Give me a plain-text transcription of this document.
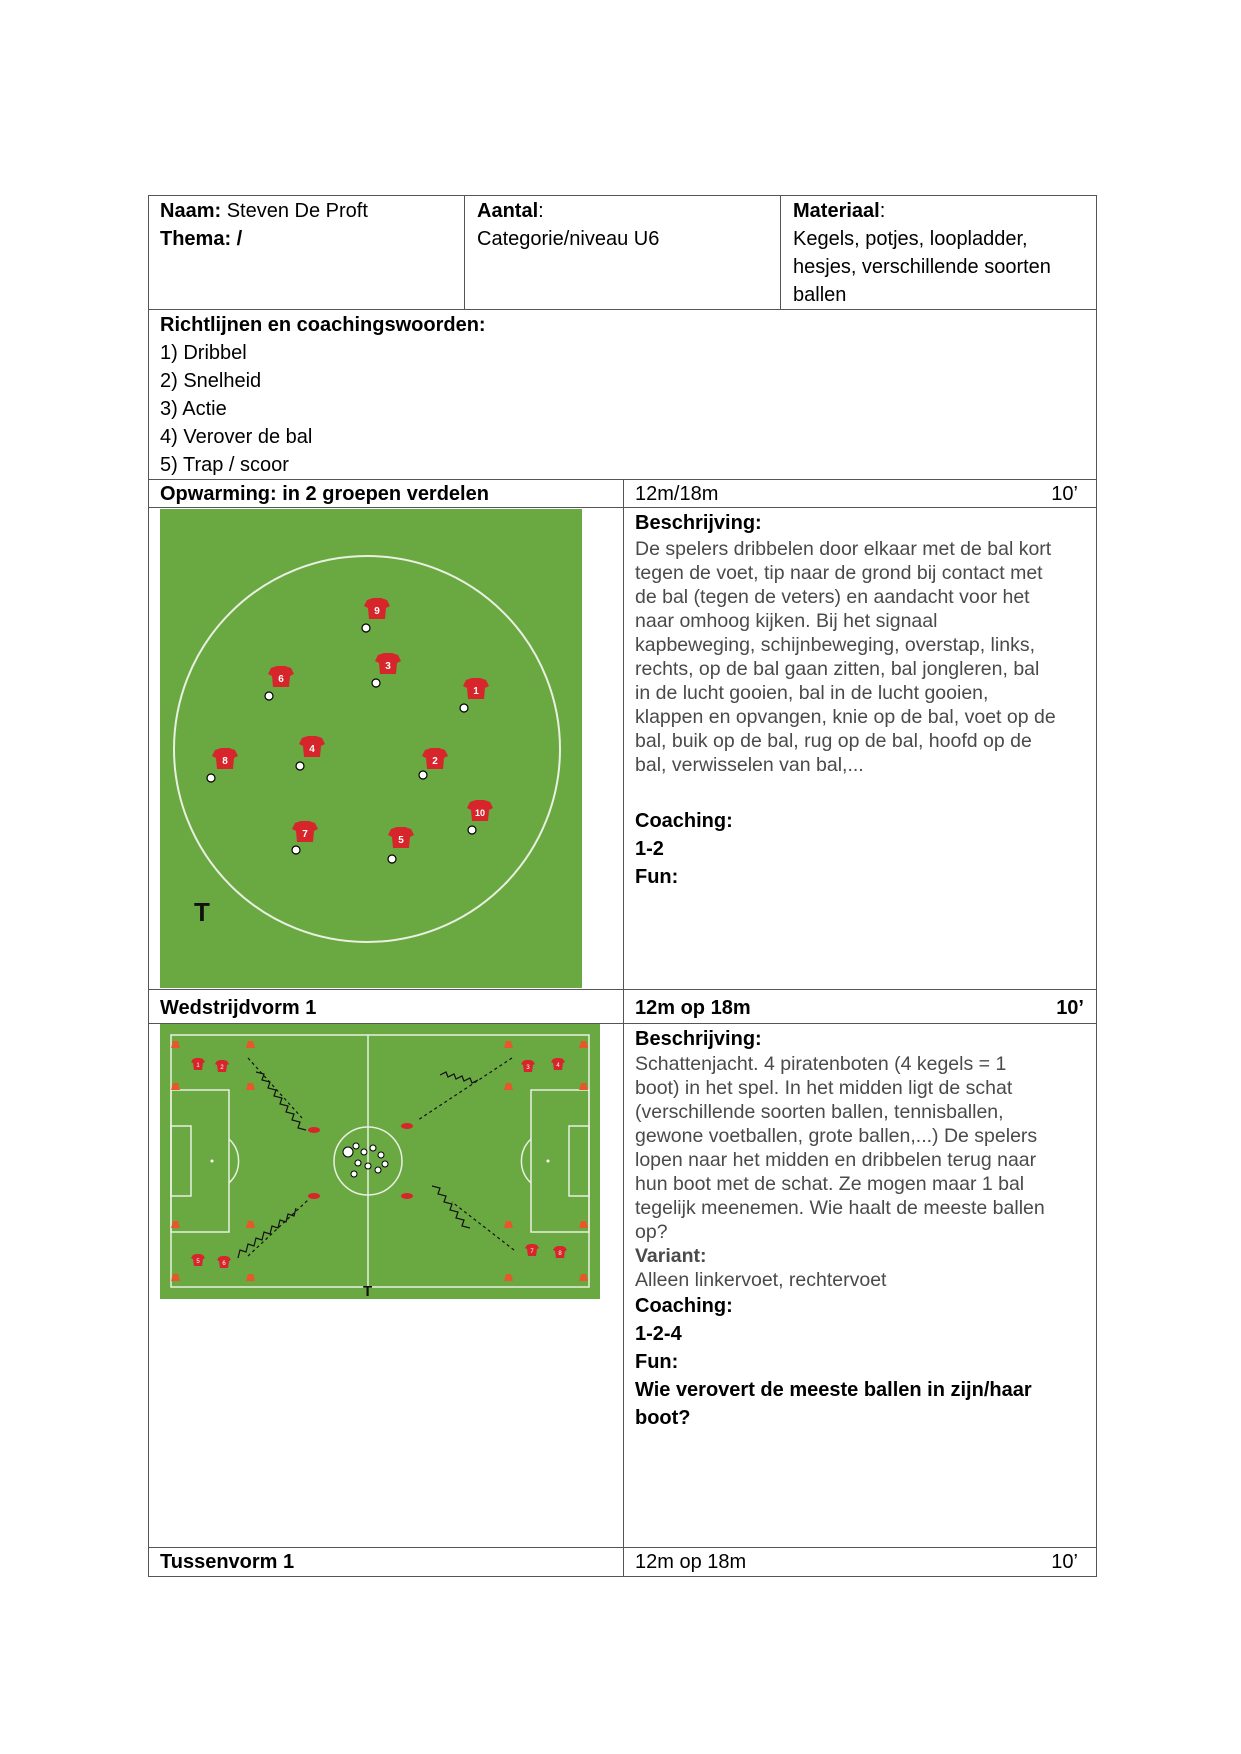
Naam: Steven De Proft
Thema: /
Aantal:
Categorie/niveau U6
Materiaal:
Kegels, potjes, loopladder,
hesjes, verschillende soorten
ballen
Richtlijnen en coachingswoorden:
1) Dribbel
2) Snelheid
3) Actie
4) Verover de bal
5) Trap / scoor
Opwarming: in 2 groepen verdelen	12m/18m	10’
T
9
3
6
1
8
4
2
10
7
5
Beschrijving:
De spelers dribbelen door elkaar met de bal kort
tegen de voet, tip naar de grond bij contact met
de bal (tegen de veters) en aandacht voor het
naar omhoog kijken. Bij het signaal
kapbeweging, schijnbeweging, overstap, links,
rechts, op de bal gaan zitten, bal jongleren, bal
in de lucht gooien, bal in de lucht gooien,
klappen en opvangen, knie op de bal, voet op de
bal, buik op de bal, rug op de bal, hoofd op de
bal, verwisselen van bal,...
Coaching:
1-2
Fun:
Wedstrijdvorm 1	12m op 18m	10’
T
1	2	3	4
5	6
7	8
Beschrijving:
Schattenjacht. 4 piratenboten (4 kegels = 1
boot) in het spel. In het midden ligt de schat
(verschillende soorten ballen, tennisballen,
gewone voetballen, grote ballen,...) De spelers
lopen naar het midden en dribbelen terug naar
hun boot met de schat. Ze mogen maar 1 bal
tegelijk meenemen. Wie haalt de meeste ballen
op?
Variant:
Alleen linkervoet, rechtervoet
Coaching:
1-2-4
Fun:
Wie verovert de meeste ballen in zijn/haar
boot?
Tussenvorm 1	12m op 18m	10’
